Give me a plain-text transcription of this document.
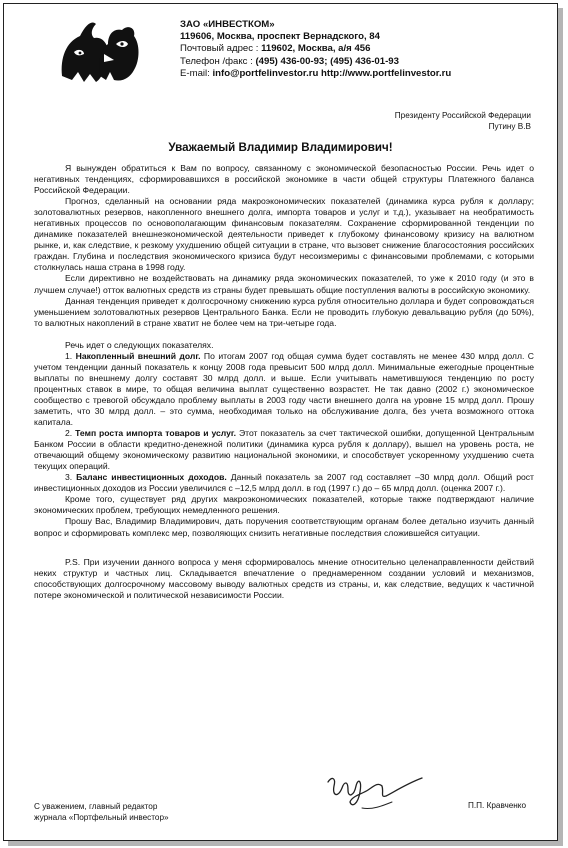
ЗАО «ИНВЕСТКОМ»
119606, Москва, проспект Вернадского, 84
Почтовый адрес : 119602, Москва, а/я 456
Телефон /факс : (495) 436-00-93; (495) 436-01-93
E-mail: info@portfelinvestor.ru http://www.portfelinvestor.ru
Президенту Российской Федерации
Путину В.В
Уважаемый Владимир Владимирович!

Я вынужден обратиться к Вам по вопросу, связанному с экономической безопасностью России. Речь идет о негативных тенденциях, сформировавшихся в российской экономике в части общей структуры Платежного баланса Российской Федерации.

Прогноз, сделанный на основании ряда макроэкономических показателей (динамика курса рубля к доллару; золотовалютных резервов, накопленного внешнего долга, импорта товаров и услуг и т.д.), указывает на необратимость негативных процессов по основополагающим финансовым показателям. Сохранение сформированной тенденции по динамике показателей внешнеэкономической деятельности приведет к глубокому финансовому кризису на валютном рынке, и, как следствие, к резкому ухудшению общей ситуации в стране, что вызовет снижение благосостояния российских граждан. Глубина и последствия экономического кризиса будут несоизмеримы с финансовыми проблемами, с которыми столкнулась наша страна в 1998 году.

Если директивно не воздействовать на динамику ряда экономических показателей, то уже к 2010 году (и это в лучшем случае!) отток валютных средств из страны будет превышать общие поступления валюты в российскую экономику.

Данная тенденция приведет к долгосрочному снижению курса рубля относительно доллара и будет сопровождаться уменьшением золотовалютных резервов Центрального Банка. Если не проводить глубокую девальвацию рубля (до 50%), то валютных накоплений в стране хватит не более чем на три-четыре года.

Речь идет о следующих показателях.

1. Накопленный внешний долг. По итогам 2007 год общая сумма будет составлять не менее 430 млрд долл. С учетом тенденции данный показатель к концу 2008 года превысит 500 млрд долл. Минимальные ежегодные процентные выплаты по внешнему долгу составят 30 млрд долл. и выше. Если учитывать наметившуюся тенденцию по росту процентных ставок в мире, то общая величина выплат существенно возрастет. Не так давно (2002 г.) экономическое сообщество с тревогой обсуждало проблему выплаты в 2003 году части внешнего долга на уровне 15 млрд долл. Прошу заметить, что 30 млрд долл. – это сумма, необходимая только на обслуживание долга, без учета возможного оттока капитала.

2. Темп роста импорта товаров и услуг. Этот показатель за счет тактической ошибки, допущенной Центральным Банком России в области кредитно-денежной политики (динамика курса рубля к доллару), вышел на уровень роста, не отвечающий общему экономическому развитию национальной экономики, и способствует ускоренному ухудшению счета текущих операций.

3. Баланс инвестиционных доходов. Данный показатель за 2007 год составляет –30 млрд долл. Общий рост инвестиционных доходов из России увеличился с –12,5 млрд долл. в год (1997 г.) до – 65 млрд долл. (оценка 2007 г.).

Кроме того, существует ряд других макроэкономических показателей, которые также подтверждают наличие экономических проблем, требующих немедленного решения.

Прошу Вас, Владимир Владимирович, дать поручения соответствующим органам более детально изучить данный вопрос и сформировать комплекс мер, позволяющих снизить негативные последствия сложившейся ситуации.

P.S. При изучении данного вопроса у меня сформировалось мнение относительно целенаправленности действий неких структур и частных лиц. Складывается впечатление о преднамеренном создании условий и механизмов, способствующих долгосрочному массовому выводу валютных средств из страны, и, как следствие, ведущих к частичной потере экономической и политической независимости России.

С уважением, главный редактор
журнала «Портфельный инвестор»
П.П. Кравченко
